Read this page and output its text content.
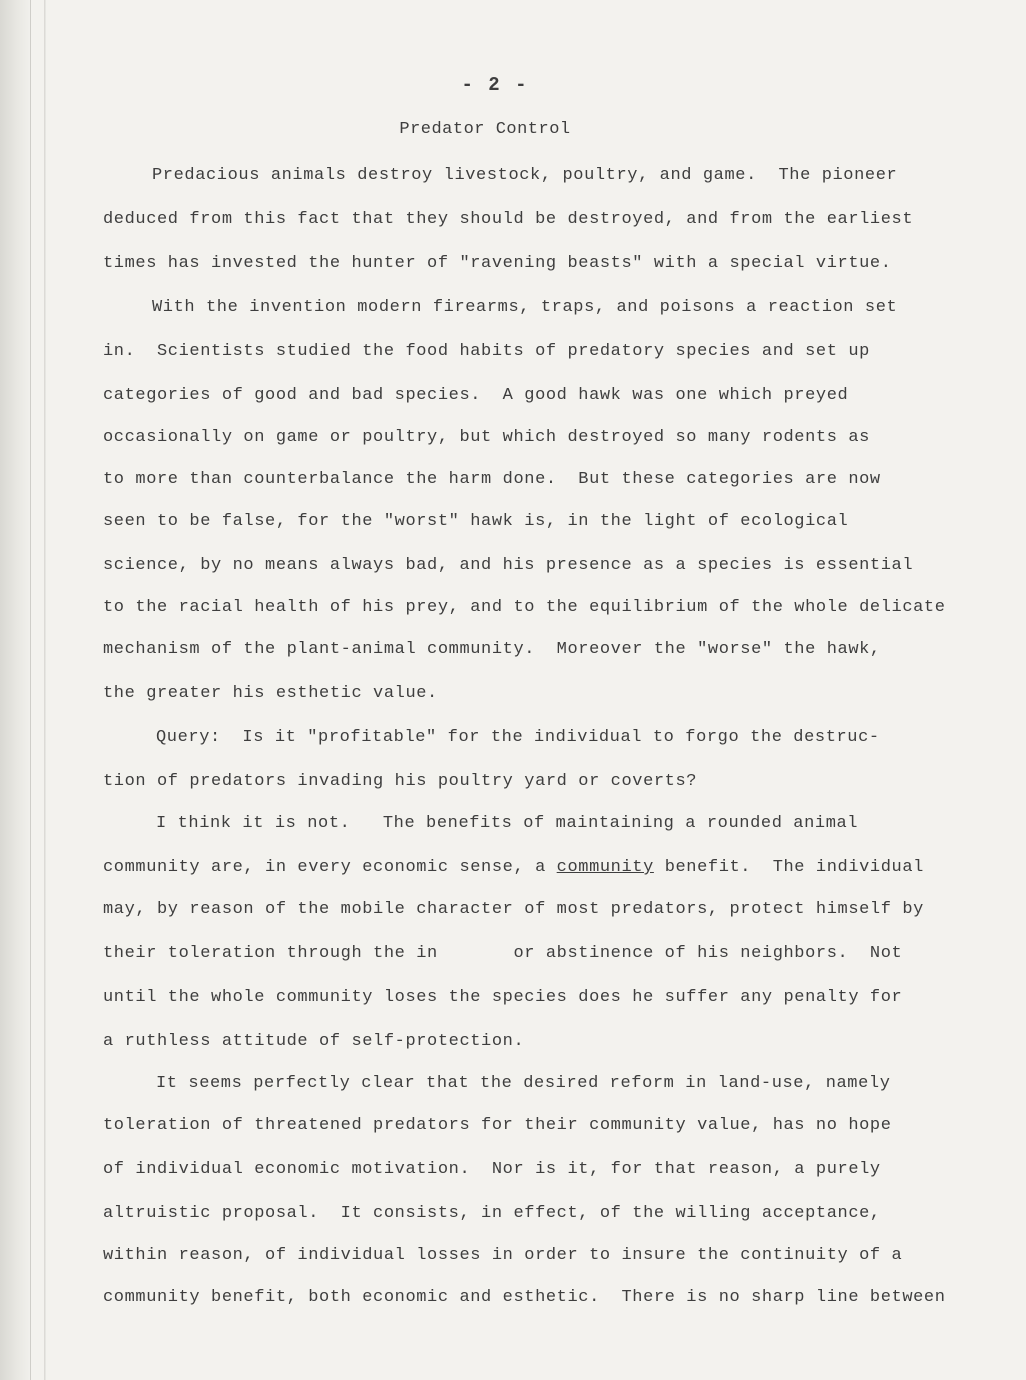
- 2 -
Predator Control
Predacious animals destroy livestock, poultry, and game.  The pioneer
deduced from this fact that they should be destroyed, and from the earliest
times has invested the hunter of "ravening beasts" with a special virtue.
With the invention modern firearms, traps, and poisons a reaction set
in.  Scientists studied the food habits of predatory species and set up
categories of good and bad species.  A good hawk was one which preyed
occasionally on game or poultry, but which destroyed so many rodents as
to more than counterbalance the harm done.  But these categories are now
seen to be false, for the "worst" hawk is, in the light of ecological
science, by no means always bad, and his presence as a species is essential
to the racial health of his prey, and to the equilibrium of the whole delicate
mechanism of the plant-animal community.  Moreover the "worse" the hawk,
the greater his esthetic value.
Query:  Is it "profitable" for the individual to forgo the destruc-
tion of predators invading his poultry yard or coverts?
I think it is not.   The benefits of maintaining a rounded animal
community are, in every economic sense, a community benefit.  The individual
may, by reason of the mobile character of most predators, protect himself by
their toleration through the in       or abstinence of his neighbors.  Not
until the whole community loses the species does he suffer any penalty for
a ruthless attitude of self-protection.
It seems perfectly clear that the desired reform in land-use, namely
toleration of threatened predators for their community value, has no hope
of individual economic motivation.  Nor is it, for that reason, a purely
altruistic proposal.  It consists, in effect, of the willing acceptance,
within reason, of individual losses in order to insure the continuity of a
community benefit, both economic and esthetic.  There is no sharp line between
